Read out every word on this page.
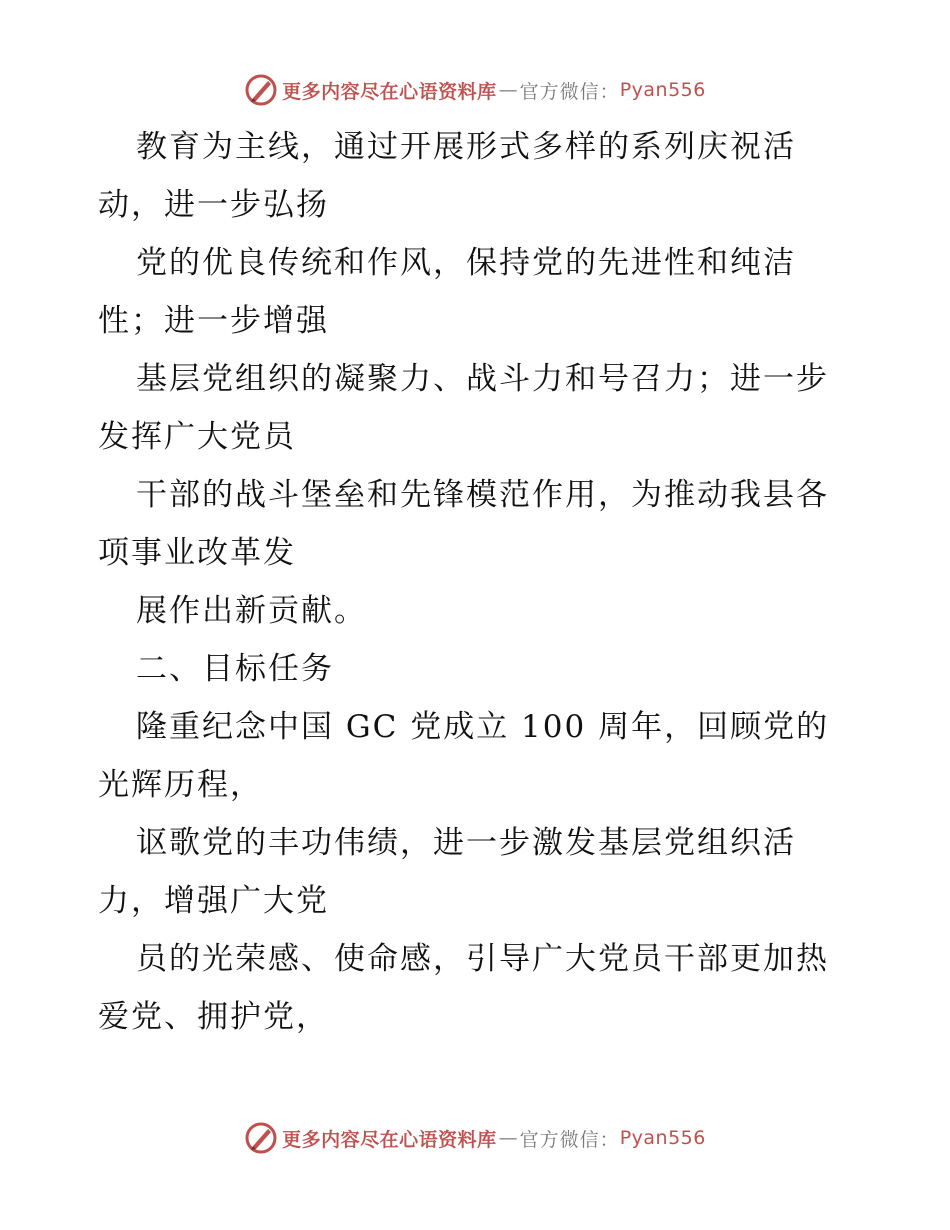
更多内容尽在心语资料库 — 官方微信： Pyan556
教育为主线，通过开展形式多样的系列庆祝活
动，进一步弘扬
党的优良传统和作风，保持党的先进性和纯洁
性；进一步增强
基层党组织的凝聚力、战斗力和号召力；进一步
发挥广大党员
干部的战斗堡垒和先锋模范作用，为推动我县各
项事业改革发
展作出新贡献。
二、目标任务
隆重纪念中国 GC 党成立 100 周年，回顾党的
光辉历程，
讴歌党的丰功伟绩，进一步激发基层党组织活
力，增强广大党
员的光荣感、使命感，引导广大党员干部更加热
爱党、拥护党，
更多内容尽在心语资料库 — 官方微信： Pyan556
